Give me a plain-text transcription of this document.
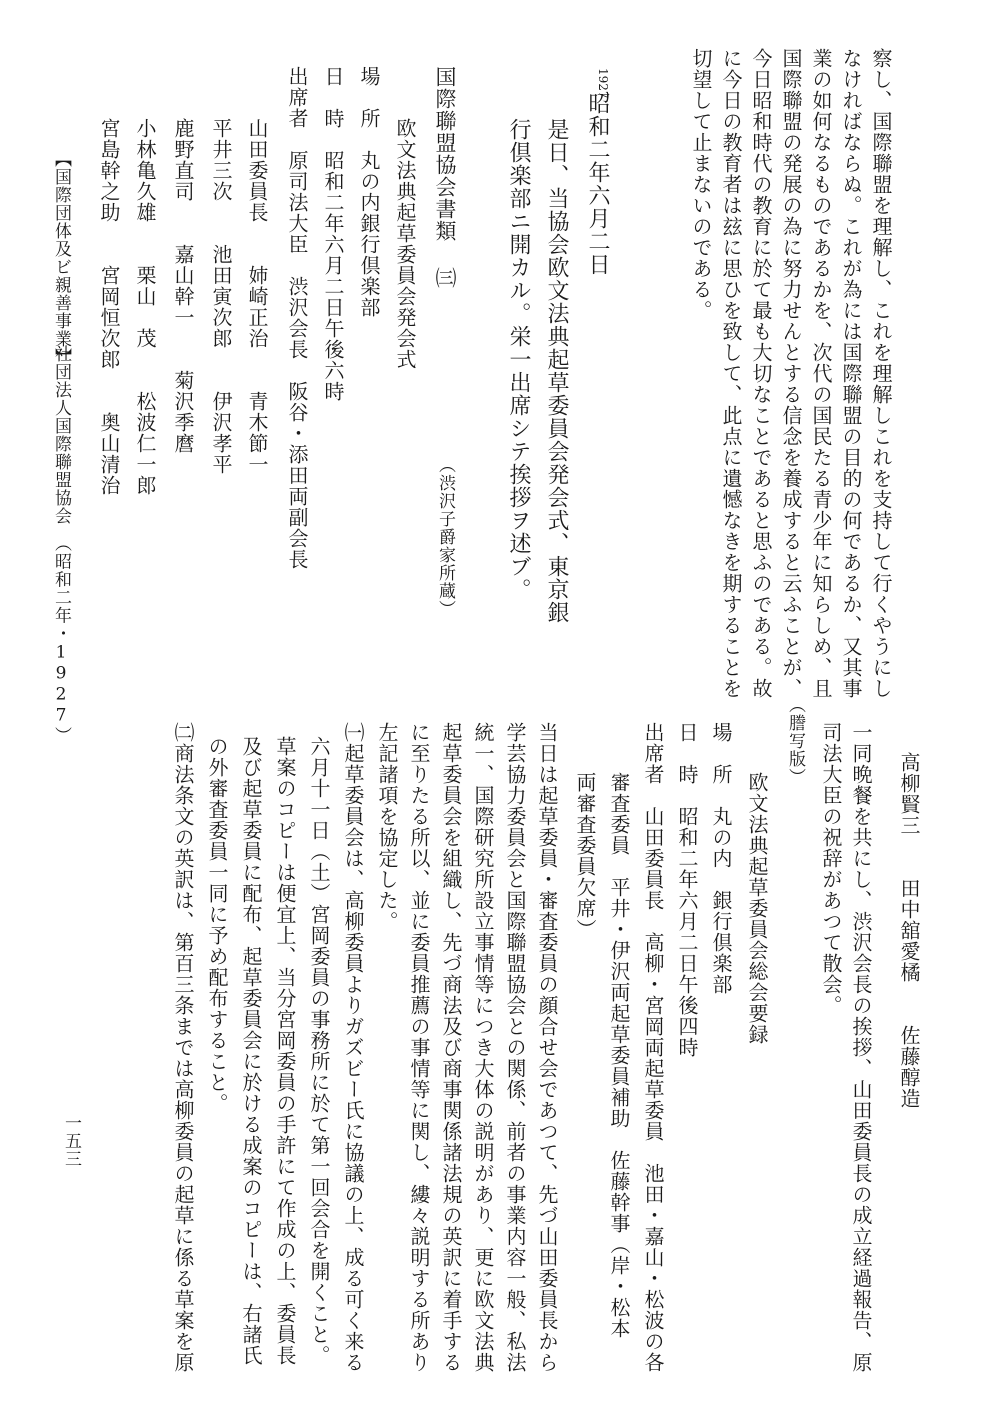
察し、国際聯盟を理解し、これを理解しこれを支持して行くやうにし
なければならぬ。これが為には国際聯盟の目的の何であるか、又其事
業の如何なるものであるかを、次代の国民たる青少年に知らしめ、且
国際聯盟の発展の為に努力せんとする信念を養成すると云ふことが、
今日昭和時代の教育に於て最も大切なことであると思ふのである。故
に今日の教育者は玆に思ひを致して、此点に遺憾なきを期することを
切望して止まないのである。
1927
昭和二年六月二日
是日、当協会欧文法典起草委員会発会式、東京銀
行倶楽部ニ開カル。栄一出席シテ挨拶ヲ述ブ。
国際聯盟協会書類 ㈢
（渋沢子爵家所蔵）
欧文法典起草委員会発会式
場　所　丸の内銀行倶楽部
日　時　昭和二年六月二日午後六時
出席者　原司法大臣　渋沢会長　阪谷・添田両副会長
山田委員長　　姉崎正治　　青木節一
平井三次　　池田寅次郎　　伊沢孝平
鹿野直司　　嘉山幹一　　菊沢季麿
小林亀久雄　　栗山　茂　　松波仁一郎
宮島幹之助　　宮岡恒次郎　　奥山清治
【国際団体及ビ親善事業】
社団法人国際聯盟協会　（昭和二年・1927）
高柳賢三　　田中舘愛橘　　佐藤醇造
一同晩餐を共にし、渋沢会長の挨拶、山田委員長の成立経過報告、原
司法大臣の祝辞があつて散会。
（謄写版）
欧文法典起草委員会総会要録
場　所　丸の内　銀行倶楽部
日　時　昭和二年六月二日午後四時
出席者　山田委員長　高柳・宮岡両起草委員　池田・嘉山・松波の各
審査委員　平井・伊沢両起草委員補助　佐藤幹事（岸・松本
両審査委員欠席）
当日は起草委員・審査委員の顔合せ会であつて、先づ山田委員長から
学芸協力委員会と国際聯盟協会との関係、前者の事業内容一般、私法
統一、国際研究所設立事情等につき大体の説明があり、更に欧文法典
起草委員会を組織し、先づ商法及び商事関係諸法規の英訳に着手する
に至りたる所以、並に委員推薦の事情等に関し、縷々説明する所あり
左記諸項を協定した。
㈠起草委員会は、高柳委員よりガズビー氏に協議の上、成る可く来る
六月十一日（土）宮岡委員の事務所に於て第一回会合を開くこと。
草案のコピーは便宜上、当分宮岡委員の手許にて作成の上、委員長
及び起草委員に配布、起草委員会に於ける成案のコピーは、右諸氏
の外審査委員一同に予め配布すること。
㈡商法条文の英訳は、第百三条までは高柳委員の起草に係る草案を原
一五三
